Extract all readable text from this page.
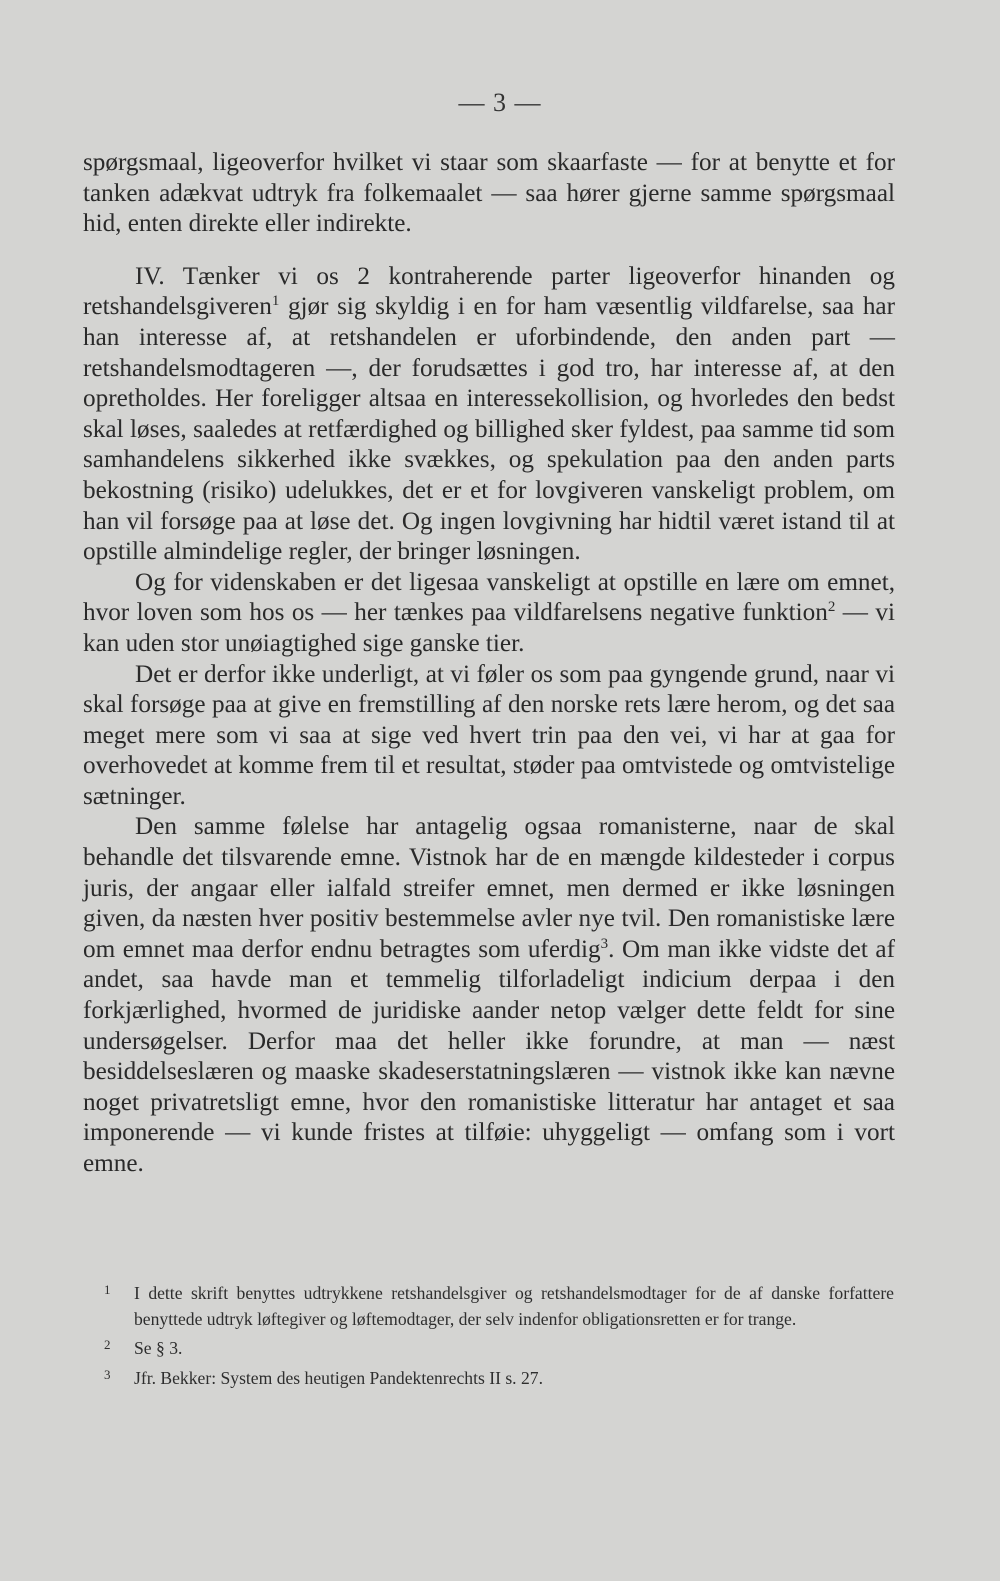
— 3 —

spørgsmaal, ligeoverfor hvilket vi staar som skaarfaste — for at benytte et for tanken adækvat udtryk fra folkemaalet — saa hører gjerne samme spørgsmaal hid, enten direkte eller indirekte.

IV. Tænker vi os 2 kontraherende parter ligeoverfor hinanden og retshandelsgiveren$^1$ gjør sig skyldig i en for ham væsentlig vildfarelse, saa har han interesse af, at retshandelen er uforbindende, den anden part — retshandelsmodtageren —, der forudsættes i god tro, har interesse af, at den opretholdes. Her foreligger altsaa en interessekollision, og hvorledes den bedst skal løses, saaledes at retfærdighed og billighed sker fyldest, paa samme tid som samhandelens sikkerhed ikke svækkes, og spekulation paa den anden parts bekostning (risiko) udelukkes, det er et for lovgiveren vanskeligt problem, om han vil forsøge paa at løse det. Og ingen lovgivning har hidtil været istand til at opstille almindelige regler, der bringer løsningen.

Og for videnskaben er det ligesaa vanskeligt at opstille en lære om emnet, hvor loven som hos os — her tænkes paa vildfarelsens negative funktion$^2$ — vi kan uden stor unøiagtighed sige ganske tier.

Det er derfor ikke underligt, at vi føler os som paa gyngende grund, naar vi skal forsøge paa at give en fremstilling af den norske rets lære herom, og det saa meget mere som vi saa at sige ved hvert trin paa den vei, vi har at gaa for overhovedet at komme frem til et resultat, støder paa omtvistede og omtvistelige sætninger.

Den samme følelse har antagelig ogsaa romanisterne, naar de skal behandle det tilsvarende emne. Vistnok har de en mængde kildesteder i corpus juris, der angaar eller ialfald streifer emnet, men dermed er ikke løsningen given, da næsten hver positiv bestemmelse avler nye tvil. Den romanistiske lære om emnet maa derfor endnu betragtes som uferdig$^3$. Om man ikke vidste det af andet, saa havde man et temmelig tilforladeligt indicium derpaa i den forkjærlighed, hvormed de juridiske aander netop vælger dette feldt for sine undersøgelser. Derfor maa det heller ikke forundre, at man — næst besiddelseslæren og maaske skadeserstatningslæren — vistnok ikke kan nævne noget privatretsligt emne, hvor den romanistiske litteratur har antaget et saa imponerende — vi kunde fristes at tilføie: uhyggeligt — omfang som i vort emne.

1 I dette skrift benyttes udtrykkene retshandelsgiver og retshandelsmodtager for de af danske forfattere benyttede udtryk løftegiver og løftemodtager, der selv indenfor obligationsretten er for trange.
2 Se § 3.
3 Jfr. Bekker: System des heutigen Pandektenrechts II s. 27.
